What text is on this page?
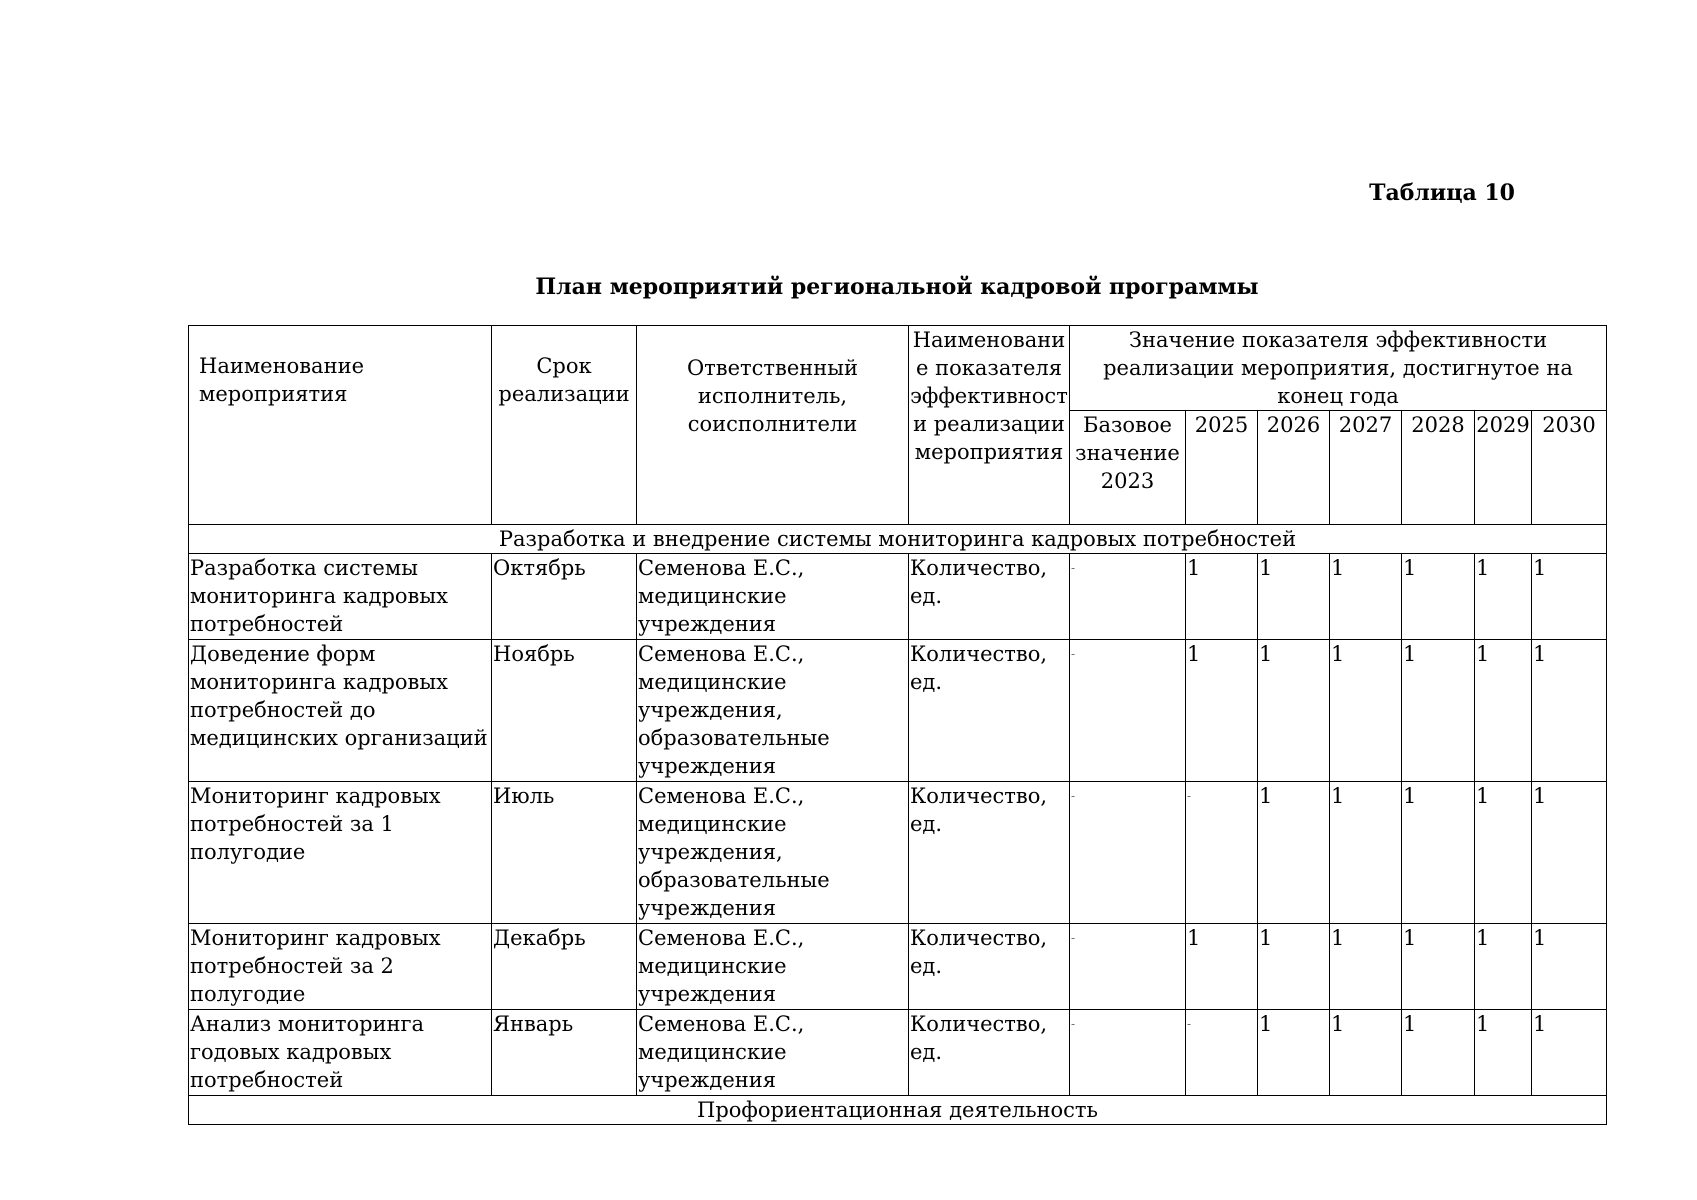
Таблица 10
План мероприятий региональной кадровой программы
Наименование мероприятия	Срок реализации	Ответственный исполнитель, соисполнители	Наименовани е показателя эффективност и реализации мероприятия	Значение показателя эффективности реализации мероприятия, достигнутое на конец года						
				Базовое значение 2023	2025	2026	2027	2028	2029	2030
Разработка и внедрение системы мониторинга кадровых потребностей										
Разработка системы мониторинга кадровых потребностей	Октябрь	Семенова Е.С., медицинские учреждения	Количество, ед.	-	1	1	1	1	1	1
Доведение форм мониторинга кадровых потребностей до медицинских организаций	Ноябрь	Семенова Е.С., медицинские учреждения, образовательные учреждения	Количество, ед.	-	1	1	1	1	1	1
Мониторинг кадровых потребностей за 1 полугодие	Июль	Семенова Е.С., медицинские учреждения, образовательные учреждения	Количество, ед.	-	-	1	1	1	1	1
Мониторинг кадровых потребностей за 2 полугодие	Декабрь	Семенова Е.С., медицинские учреждения	Количество, ед.	-	1	1	1	1	1	1
Анализ мониторинга годовых кадровых потребностей	Январь	Семенова Е.С., медицинские учреждения	Количество, ед.	-	-	1	1	1	1	1
Профориентационная деятельность										
